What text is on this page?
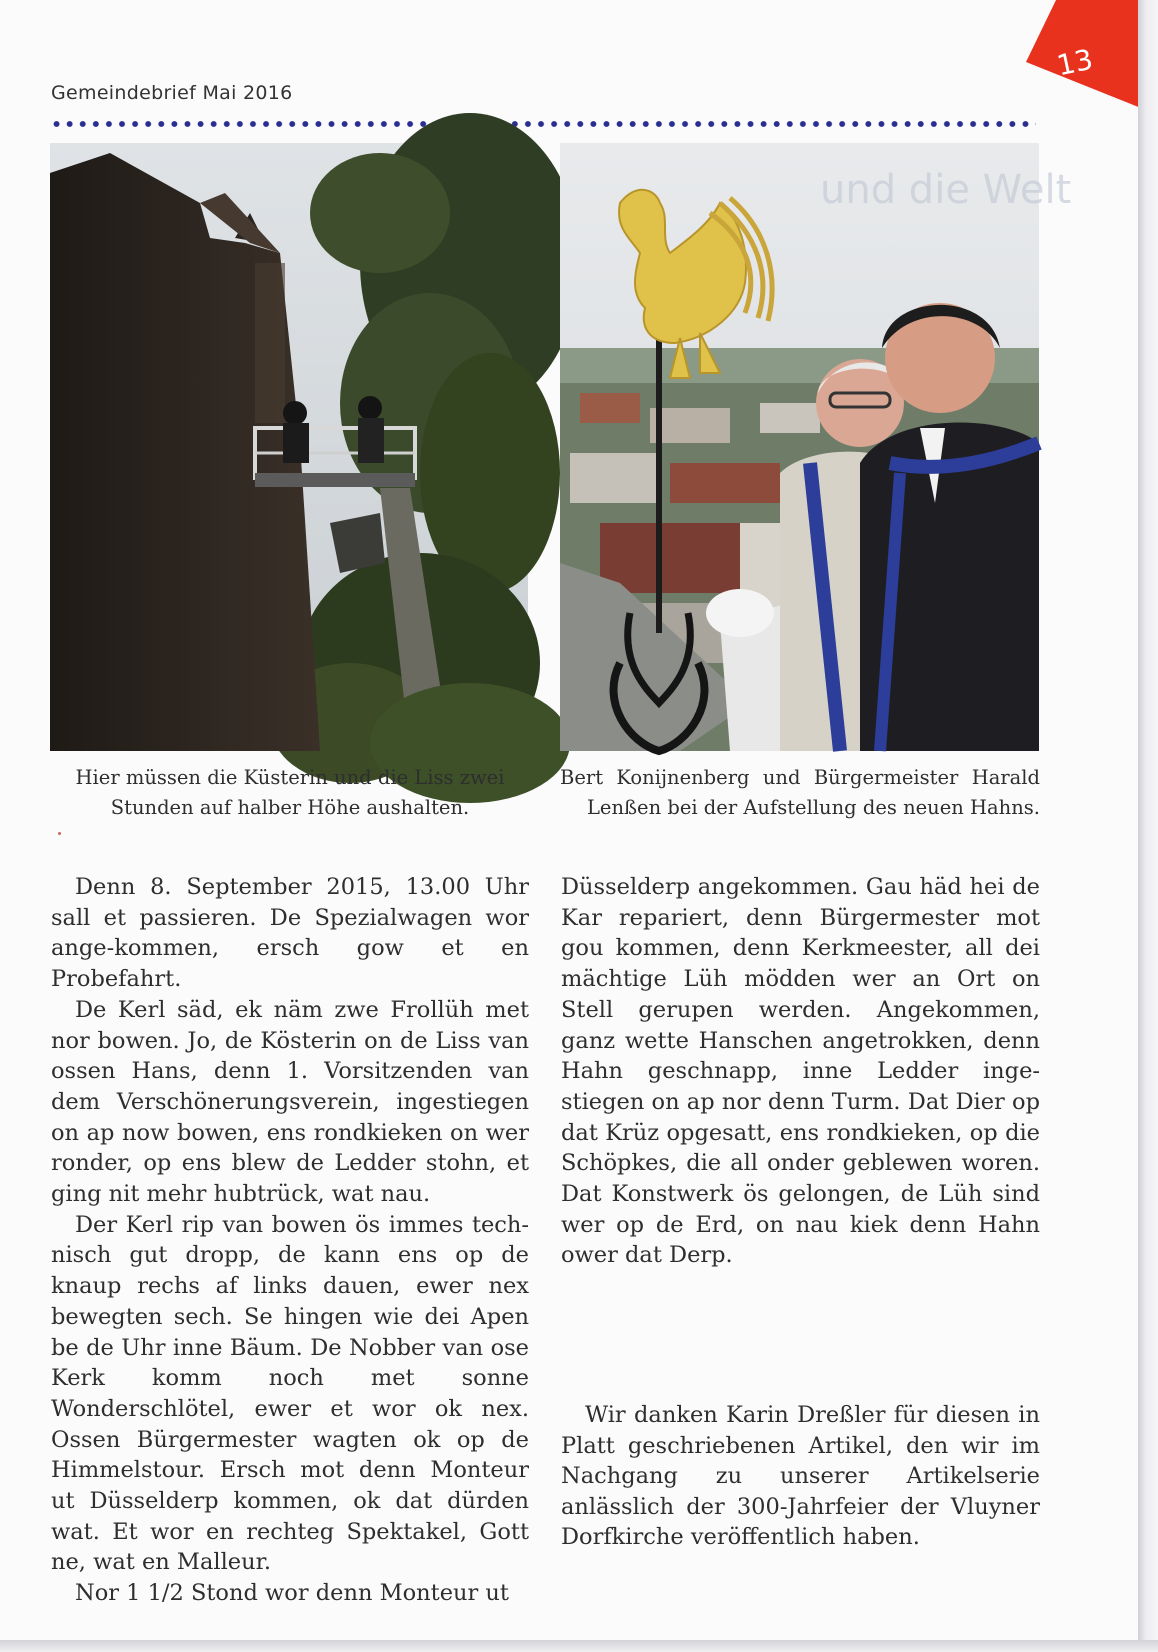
13
Gemeindebrief Mai 2016
und die Welt
Hier müssen die Küsterin und die Liss zwei
Stunden auf halber Höhe aushalten.
Bert Konijnenberg und Bürgermeister Harald Lenßen bei der Aufstellung des neuen Hahns.

Denn 8. September 2015, 13.00 Uhr sall et passieren. De Spezialwagen wor ange-kommen, ersch gow et en Probefahrt.

De Kerl säd, ek näm zwe Frollüh met nor bowen. Jo, de Kösterin on de Liss van ossen Hans, denn 1. Vorsitzenden van dem Verschönerungsverein, ingestiegen on ap now bowen, ens rondkieken on wer ronder, op ens blew de Ledder stohn, et ging nit mehr hubtrück, wat nau.

Der Kerl rip van bowen ös immes tech-nisch gut dropp, de kann ens op de knaup rechs af links dauen, ewer nex bewegten sech. Se hingen wie dei Apen be de Uhr inne Bäum. De Nobber van ose Kerk komm noch met sonne Wonderschlötel, ewer et wor ok nex. Ossen Bürgermester wagten ok op de Himmelstour. Ersch mot denn Monteur ut Düsselderp kommen, ok dat dürden wat. Et wor en rechteg Spektakel, Gott ne, wat en Malleur.

Nor 1 1/2 Stond wor denn Monteur ut

Düsselderp angekommen. Gau häd hei de Kar repariert, denn Bürgermester mot gou kommen, denn Kerkmeester, all dei mächtige Lüh mödden wer an Ort on Stell gerupen werden. Angekommen, ganz wette Hanschen angetrokken, denn Hahn geschnapp, inne Ledder inge-stiegen on ap nor denn Turm. Dat Dier op dat Krüz opgesatt, ens rondkieken, op die Schöpkes, die all onder geblewen woren. Dat Konstwerk ös gelongen, de Lüh sind wer op de Erd, on nau kiek denn Hahn ower dat Derp.

Wir danken Karin Dreßler für diesen in Platt geschriebenen Artikel, den wir im Nachgang zu unserer Artikelserie anlässlich der 300-Jahrfeier der Vluyner Dorfkirche veröffentlich haben.
